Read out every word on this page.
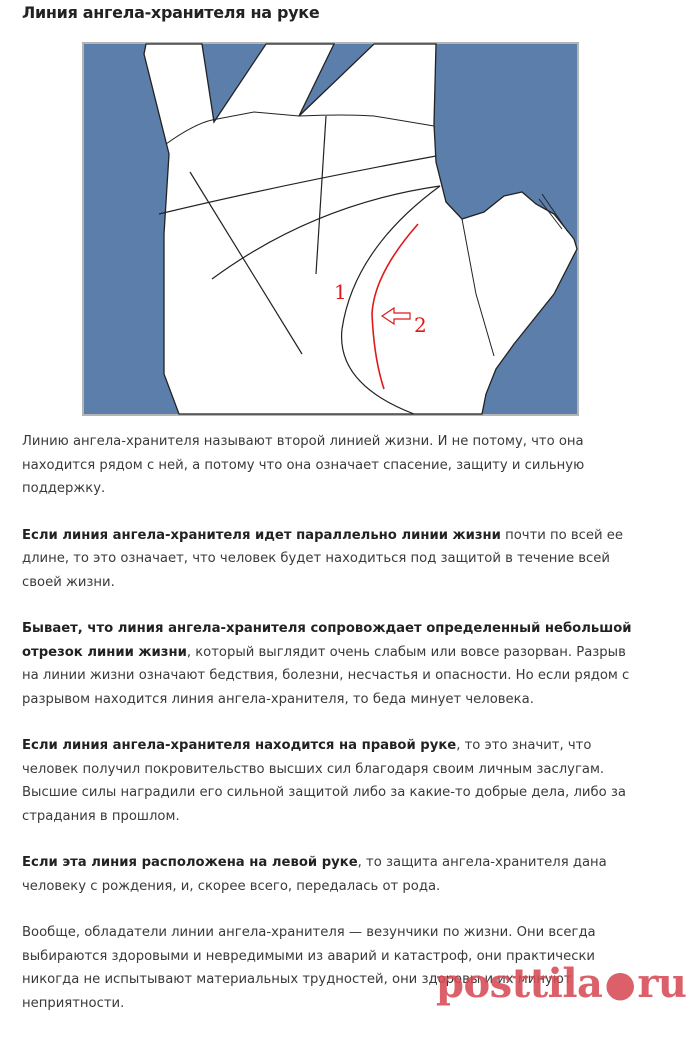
Линия ангела-хранителя на руке
1
2

Линию ангела-хранителя называют второй линией жизни. И не потому, что она находится рядом с ней, а потому что она означает спасение, защиту и сильную поддержку.

Если линия ангела-хранителя идет параллельно линии жизни почти по всей ее длине, то это означает, что человек будет находиться под защитой в течение всей своей жизни.

Бывает, что линия ангела-хранителя сопровождает определенный небольшой отрезок линии жизни, который выглядит очень слабым или вовсе разорван. Разрыв на линии жизни означают бедствия, болезни, несчастья и опасности. Но если рядом с разрывом находится линия ангела-хранителя, то беда минует человека.

Если линия ангела-хранителя находится на правой руке, то это значит, что человек получил покровительство высших сил благодаря своим личным заслугам. Высшие силы наградили его сильной защитой либо за какие-то добрые дела, либо за страдания в прошлом.

Если эта линия расположена на левой руке, то защита ангела-хранителя дана человеку с рождения, и, скорее всего, передалась от рода.

Вообще, обладатели линии ангела-хранителя — везунчики по жизни. Они всегда выбираются здоровыми и невредимыми из аварий и катастроф, они практически никогда не испытывают материальных трудностей, они здоровы и их минуют неприятности.	posttila ● ru
